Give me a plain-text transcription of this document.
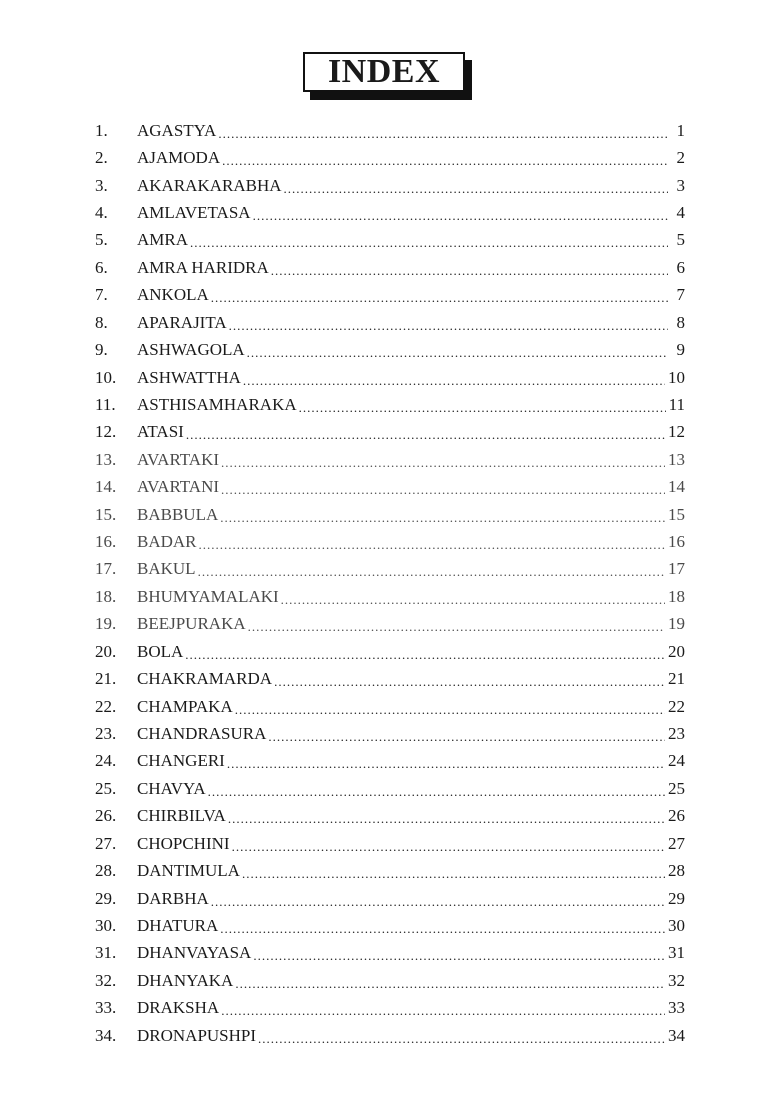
INDEX
1.	AGASTYA .....	1
2.	AJAMODA .....	2
3.	AKARAKARABHA .....	3
4.	AMLAVETASA .....	4
5.	AMRA .....	5
6.	AMRA HARIDRA .....	6
7.	ANKOLA .....	7
8.	APARAJITA .....	8
9.	ASHWAGOLA .....	9
10.	ASHWATTHA .....	10
11.	ASTHISAMHARAKA .....	11
12.	ATASI .....	12
13.	AVARTAKI .....	13
14.	AVARTANI .....	14
15.	BABBULA .....	15
16.	BADAR .....	16
17.	BAKUL .....	17
18.	BHUMYAMALAKI .....	18
19.	BEEJPURAKA .....	19
20.	BOLA .....	20
21.	CHAKRAMARDA .....	21
22.	CHAMPAKA .....	22
23.	CHANDRASURA .....	23
24.	CHANGERI .....	24
25.	CHAVYA .....	25
26.	CHIRBILVA .....	26
27.	CHOPCHINI .....	27
28.	DANTIMULA .....	28
29.	DARBHA .....	29
30.	DHATURA .....	30
31.	DHANVAYASA .....	31
32.	DHANYAKA .....	32
33.	DRAKSHA .....	33
34.	DRONAPUSHPI .....	34
